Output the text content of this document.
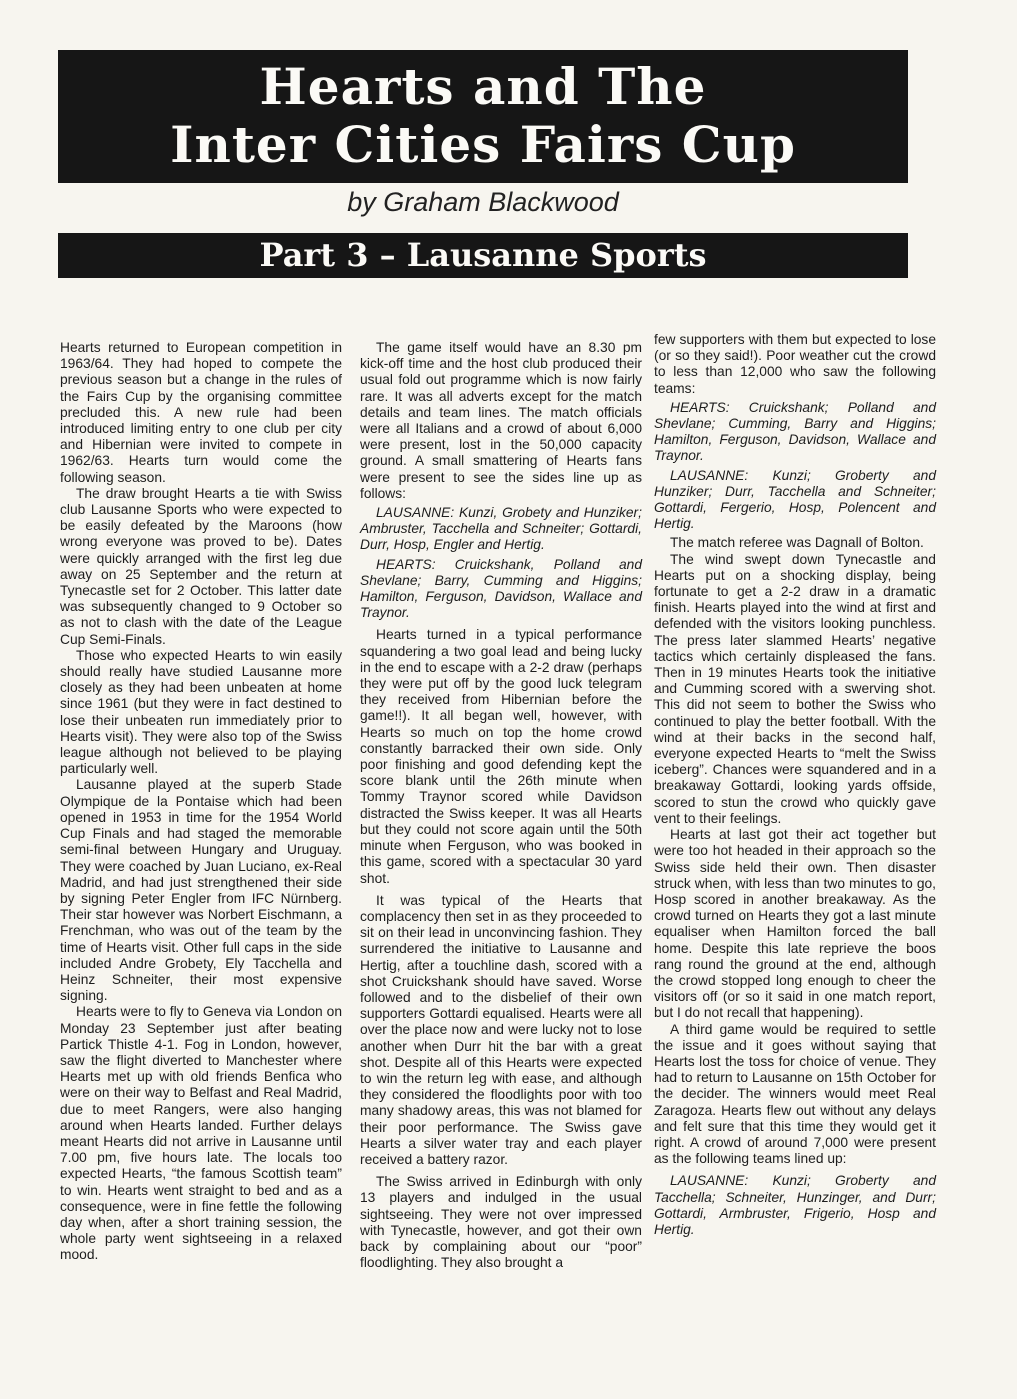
Hearts and The
Inter Cities Fairs Cup
by Graham Blackwood
Part 3 – Lausanne Sports

Hearts returned to European competition in 1963/64. They had hoped to compete the previous season but a change in the rules of the Fairs Cup by the organising committee precluded this. A new rule had been introduced limiting entry to one club per city and Hibernian were invited to compete in 1962/63. Hearts turn would come the following season.

The draw brought Hearts a tie with Swiss club Lausanne Sports who were expected to be easily defeated by the Maroons (how wrong everyone was proved to be). Dates were quickly arranged with the first leg due away on 25 September and the return at Tynecastle set for 2 October. This latter date was subsequently changed to 9 October so as not to clash with the date of the League Cup Semi-Finals.

Those who expected Hearts to win easily should really have studied Lausanne more closely as they had been unbeaten at home since 1961 (but they were in fact destined to lose their unbeaten run immediately prior to Hearts visit). They were also top of the Swiss league although not believed to be playing particularly well.

Lausanne played at the superb Stade Olympique de la Pontaise which had been opened in 1953 in time for the 1954 World Cup Finals and had staged the memorable semi-final between Hungary and Uruguay. They were coached by Juan Luciano, ex-Real Madrid, and had just strengthened their side by signing Peter Engler from IFC Nürnberg. Their star however was Norbert Eischmann, a Frenchman, who was out of the team by the time of Hearts visit. Other full caps in the side included Andre Grobety, Ely Tacchella and Heinz Schneiter, their most expensive signing.

Hearts were to fly to Geneva via London on Monday 23 September just after beating Partick Thistle 4-1. Fog in London, however, saw the flight diverted to Manchester where Hearts met up with old friends Benfica who were on their way to Belfast and Real Madrid, due to meet Rangers, were also hanging around when Hearts landed. Further delays meant Hearts did not arrive in Lausanne until 7.00 pm, five hours late. The locals too expected Hearts, “the famous Scottish team” to win. Hearts went straight to bed and as a consequence, were in fine fettle the following day when, after a short training session, the whole party went sightseeing in a relaxed mood.

The game itself would have an 8.30 pm kick-off time and the host club produced their usual fold out programme which is now fairly rare. It was all adverts except for the match details and team lines. The match officials were all Italians and a crowd of about 6,000 were present, lost in the 50,000 capacity ground. A small smattering of Hearts fans were present to see the sides line up as follows:

LAUSANNE: Kunzi, Grobety and Hunziker; Ambruster, Tacchella and Schneiter; Gottardi, Durr, Hosp, Engler and Hertig.

HEARTS: Cruickshank, Polland and Shevlane; Barry, Cumming and Higgins; Hamilton, Ferguson, Davidson, Wallace and Traynor.

Hearts turned in a typical performance squandering a two goal lead and being lucky in the end to escape with a 2-2 draw (perhaps they were put off by the good luck telegram they received from Hibernian before the game!!). It all began well, however, with Hearts so much on top the home crowd constantly barracked their own side. Only poor finishing and good defending kept the score blank until the 26th minute when Tommy Traynor scored while Davidson distracted the Swiss keeper. It was all Hearts but they could not score again until the 50th minute when Ferguson, who was booked in this game, scored with a spectacular 30 yard shot.

It was typical of the Hearts that complacency then set in as they proceeded to sit on their lead in unconvincing fashion. They surrendered the initiative to Lausanne and Hertig, after a touchline dash, scored with a shot Cruickshank should have saved. Worse followed and to the disbelief of their own supporters Gottardi equalised. Hearts were all over the place now and were lucky not to lose another when Durr hit the bar with a great shot. Despite all of this Hearts were expected to win the return leg with ease, and although they considered the floodlights poor with too many shadowy areas, this was not blamed for their poor performance. The Swiss gave Hearts a silver water tray and each player received a battery razor.

The Swiss arrived in Edinburgh with only 13 players and indulged in the usual sightseeing. They were not over impressed with Tynecastle, however, and got their own back by complaining about our “poor” floodlighting. They also brought a

few supporters with them but expected to lose (or so they said!). Poor weather cut the crowd to less than 12,000 who saw the following teams:

HEARTS: Cruickshank; Polland and Shevlane; Cumming, Barry and Higgins; Hamilton, Ferguson, Davidson, Wallace and Traynor.

LAUSANNE: Kunzi; Groberty and Hunziker; Durr, Tacchella and Schneiter; Gottardi, Fergerio, Hosp, Polencent and Hertig.

The match referee was Dagnall of Bolton.

The wind swept down Tynecastle and Hearts put on a shocking display, being fortunate to get a 2-2 draw in a dramatic finish. Hearts played into the wind at first and defended with the visitors looking punchless. The press later slammed Hearts’ negative tactics which certainly displeased the fans. Then in 19 minutes Hearts took the initiative and Cumming scored with a swerving shot. This did not seem to bother the Swiss who continued to play the better football. With the wind at their backs in the second half, everyone expected Hearts to “melt the Swiss iceberg”. Chances were squandered and in a breakaway Gottardi, looking yards offside, scored to stun the crowd who quickly gave vent to their feelings.

Hearts at last got their act together but were too hot headed in their approach so the Swiss side held their own. Then disaster struck when, with less than two minutes to go, Hosp scored in another breakaway. As the crowd turned on Hearts they got a last minute equaliser when Hamilton forced the ball home. Despite this late reprieve the boos rang round the ground at the end, although the crowd stopped long enough to cheer the visitors off (or so it said in one match report, but I do not recall that happening).

A third game would be required to settle the issue and it goes without saying that Hearts lost the toss for choice of venue. They had to return to Lausanne on 15th October for the decider. The winners would meet Real Zaragoza. Hearts flew out without any delays and felt sure that this time they would get it right. A crowd of around 7,000 were present as the following teams lined up:

LAUSANNE: Kunzi; Groberty and Tacchella; Schneiter, Hunzinger, and Durr; Gottardi, Armbruster, Frigerio, Hosp and Hertig.
